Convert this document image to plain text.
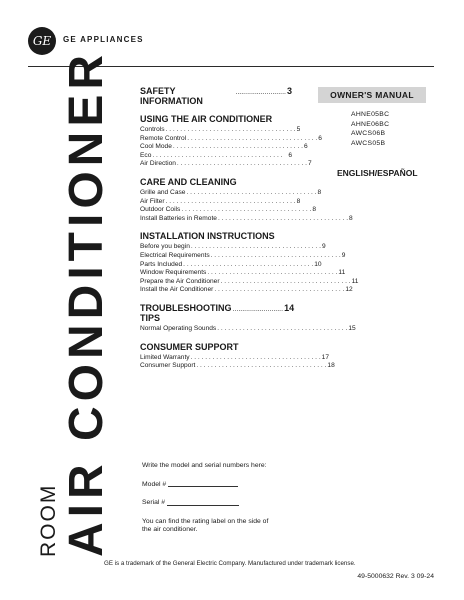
GE GE APPLIANCES
ROOM AIR CONDITIONER	SAFETY INFORMATION
.......................... 3
USING THE AIR CONDITIONER
Controls . . . . . . . . . . . . . . . . . . . . . . . . . . . . . . . . . . . . 5
Remote Control . . . . . . . . . . . . . . . . . . . . . . . . . . . . . . . . . . . . 6
Cool Mode . . . . . . . . . . . . . . . . . . . . . . . . . . . . . . . . . . . . 6
Eco . . . . . . . . . . . . . . . . . . . . . . . . . . . . . . . . . . . . 6
Air Direction . . . . . . . . . . . . . . . . . . . . . . . . . . . . . . . . . . . . 7
CARE AND CLEANING
Grille and Case . . . . . . . . . . . . . . . . . . . . . . . . . . . . . . . . . . . . 8
Air Filter . . . . . . . . . . . . . . . . . . . . . . . . . . . . . . . . . . . . 8
Outdoor Coils . . . . . . . . . . . . . . . . . . . . . . . . . . . . . . . . . . . . 8
Install Batteries in Remote . . . . . . . . . . . . . . . . . . . . . . . . . . . . . . . . . . . . 8
INSTALLATION INSTRUCTIONS
Before you begin . . . . . . . . . . . . . . . . . . . . . . . . . . . . . . . . . . . . 9
Electrical Requirements . . . . . . . . . . . . . . . . . . . . . . . . . . . . . . . . . . . . 9
Parts Included . . . . . . . . . . . . . . . . . . . . . . . . . . . . . . . . . . . . 10
Window Requirements . . . . . . . . . . . . . . . . . . . . . . . . . . . . . . . . . . . . 11
Prepare the Air Conditioner . . . . . . . . . . . . . . . . . . . . . . . . . . . . . . . . . . . . 11
Install the Air Conditioner . . . . . . . . . . . . . . . . . . . . . . . . . . . . . . . . . . . . 12
TROUBLESHOOTING TIPS
.......................... 14
Normal Operating Sounds . . . . . . . . . . . . . . . . . . . . . . . . . . . . . . . . . . . . 15
CONSUMER SUPPORT
Limited Warranty . . . . . . . . . . . . . . . . . . . . . . . . . . . . . . . . . . . . 17
Consumer Support . . . . . . . . . . . . . . . . . . . . . . . . . . . . . . . . . . . . 18
OWNER'S MANUAL
AHNE05BC
AHNE06BC
AWCS06B
AWCS05B
ENGLISH/ESPAÑOL
Write the model and serial numbers here:
Model #
Serial #
You can find the rating label on the side of the air conditioner.
GE is a trademark of the General Electric Company. Manufactured under trademark license.
49-5000632 Rev. 3 09-24
